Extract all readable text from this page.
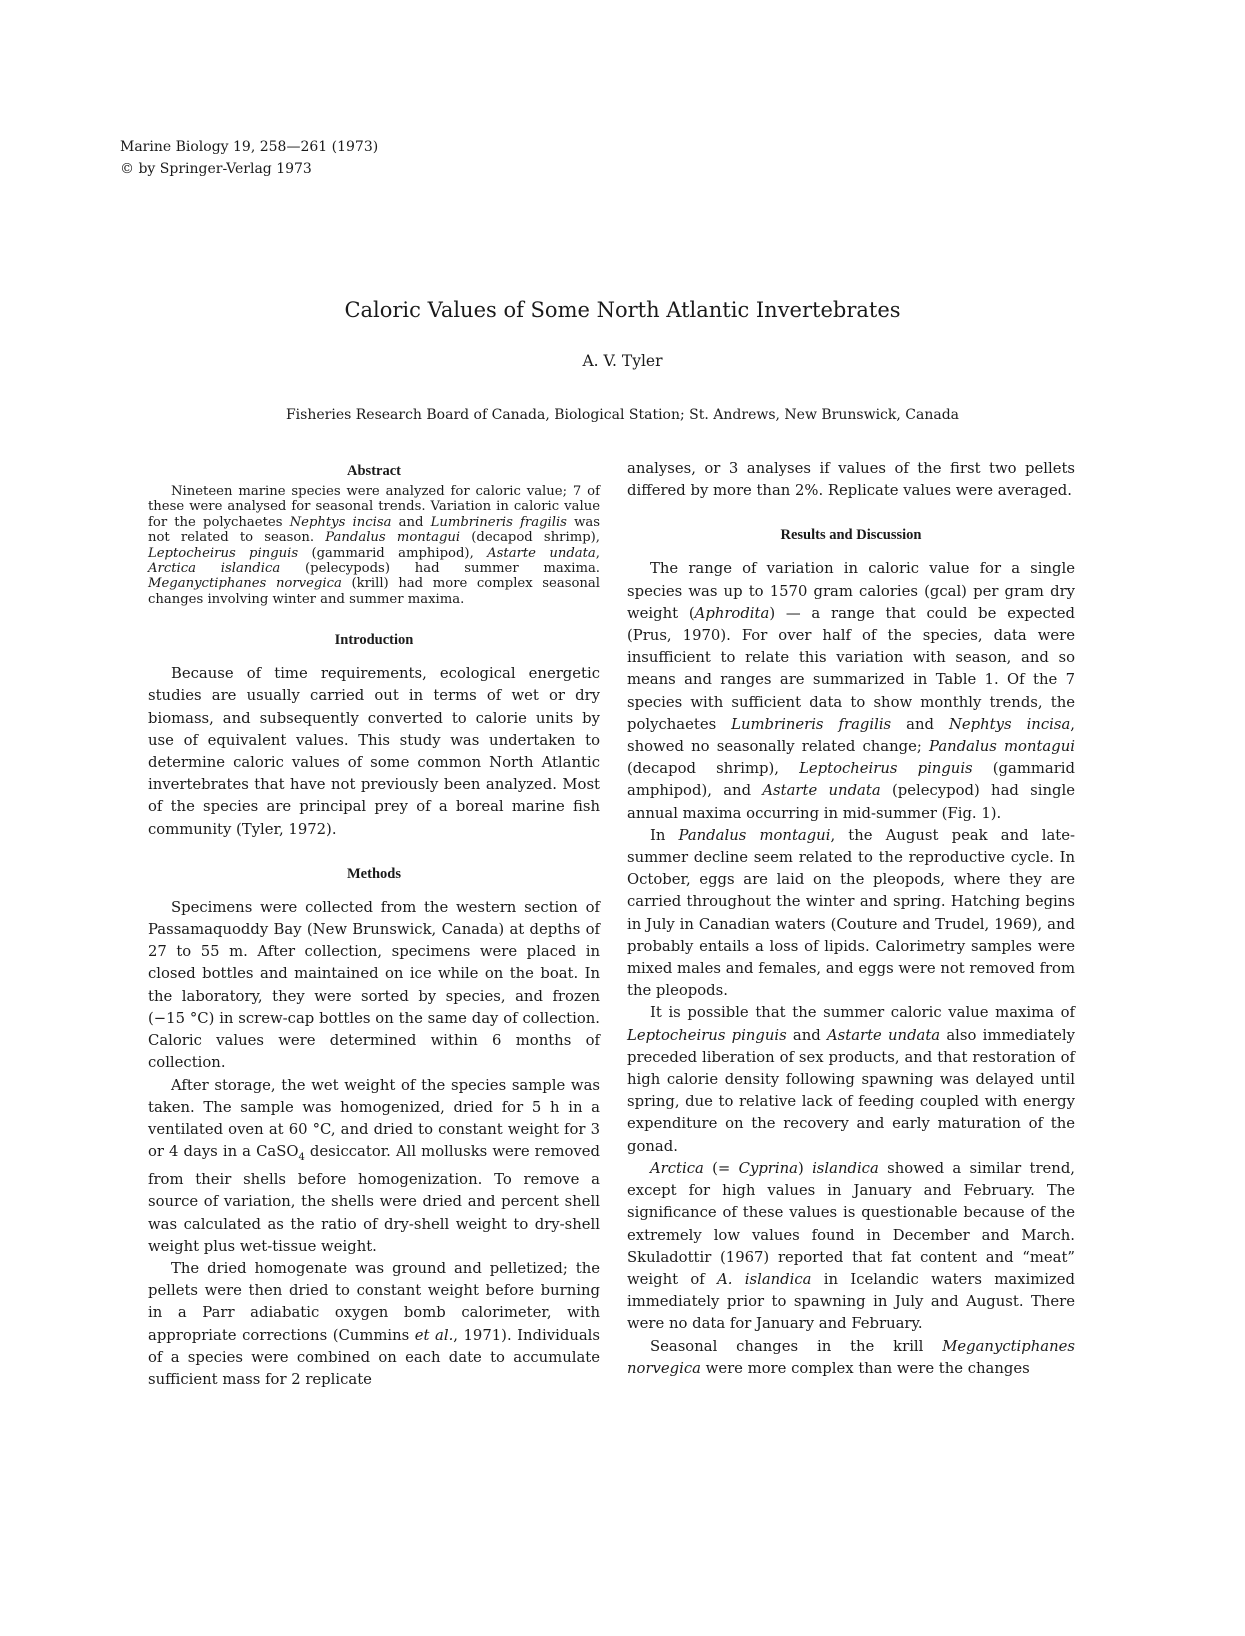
Marine Biology 19, 258—261 (1973)
© by Springer-Verlag 1973
Caloric Values of Some North Atlantic Invertebrates
A. V. Tyler
Fisheries Research Board of Canada, Biological Station; St. Andrews, New Brunswick, Canada
Abstract

Nineteen marine species were analyzed for caloric value; 7 of these were analysed for seasonal trends. Variation in caloric value for the polychaetes Nephtys incisa and Lumbrineris fragilis was not related to season. Pandalus montagui (decapod shrimp), Leptocheirus pinguis (gammarid amphipod), Astarte undata, Arctica islandica (pelecypods) had summer maxima. Meganyctiphanes norvegica (krill) had more complex seasonal changes involving winter and summer maxima.

Introduction

Because of time requirements, ecological energetic studies are usually carried out in terms of wet or dry biomass, and subsequently converted to calorie units by use of equivalent values. This study was undertaken to determine caloric values of some common North Atlantic invertebrates that have not previously been analyzed. Most of the species are principal prey of a boreal marine fish community (Tyler, 1972).

Methods

Specimens were collected from the western section of Passamaquoddy Bay (New Brunswick, Canada) at depths of 27 to 55 m. After collection, specimens were placed in closed bottles and maintained on ice while on the boat. In the laboratory, they were sorted by species, and frozen (−15 °C) in screw-cap bottles on the same day of collection. Caloric values were determined within 6 months of collection.

After storage, the wet weight of the species sample was taken. The sample was homogenized, dried for 5 h in a ventilated oven at 60 °C, and dried to constant weight for 3 or 4 days in a CaSO$_4$ desiccator. All mollusks were removed from their shells before homogenization. To remove a source of variation, the shells were dried and percent shell was calculated as the ratio of dry-shell weight to dry-shell weight plus wet-tissue weight.

The dried homogenate was ground and pelletized; the pellets were then dried to constant weight before burning in a Parr adiabatic oxygen bomb calorimeter, with appropriate corrections (Cummins et al., 1971). Individuals of a species were combined on each date to accumulate sufficient mass for 2 replicate

analyses, or 3 analyses if values of the first two pellets differed by more than 2%. Replicate values were averaged.

Results and Discussion

The range of variation in caloric value for a single species was up to 1570 gram calories (gcal) per gram dry weight (Aphrodita) — a range that could be expected (Prus, 1970). For over half of the species, data were insufficient to relate this variation with season, and so means and ranges are summarized in Table 1. Of the 7 species with sufficient data to show monthly trends, the polychaetes Lumbrineris fragilis and Nephtys incisa, showed no seasonally related change; Pandalus montagui (decapod shrimp), Leptocheirus pinguis (gammarid amphipod), and Astarte undata (pelecypod) had single annual maxima occurring in mid-summer (Fig. 1).

In Pandalus montagui, the August peak and late-summer decline seem related to the reproductive cycle. In October, eggs are laid on the pleopods, where they are carried throughout the winter and spring. Hatching begins in July in Canadian waters (Couture and Trudel, 1969), and probably entails a loss of lipids. Calorimetry samples were mixed males and females, and eggs were not removed from the pleopods.

It is possible that the summer caloric value maxima of Leptocheirus pinguis and Astarte undata also immediately preceded liberation of sex products, and that restoration of high calorie density following spawning was delayed until spring, due to relative lack of feeding coupled with energy expenditure on the recovery and early maturation of the gonad.

Arctica (= Cyprina) islandica showed a similar trend, except for high values in January and February. The significance of these values is questionable because of the extremely low values found in December and March. Skuladottir (1967) reported that fat content and “meat” weight of A. islandica in Icelandic waters maximized immediately prior to spawning in July and August. There were no data for January and February.

Seasonal changes in the krill Meganyctiphanes norvegica were more complex than were the changes
